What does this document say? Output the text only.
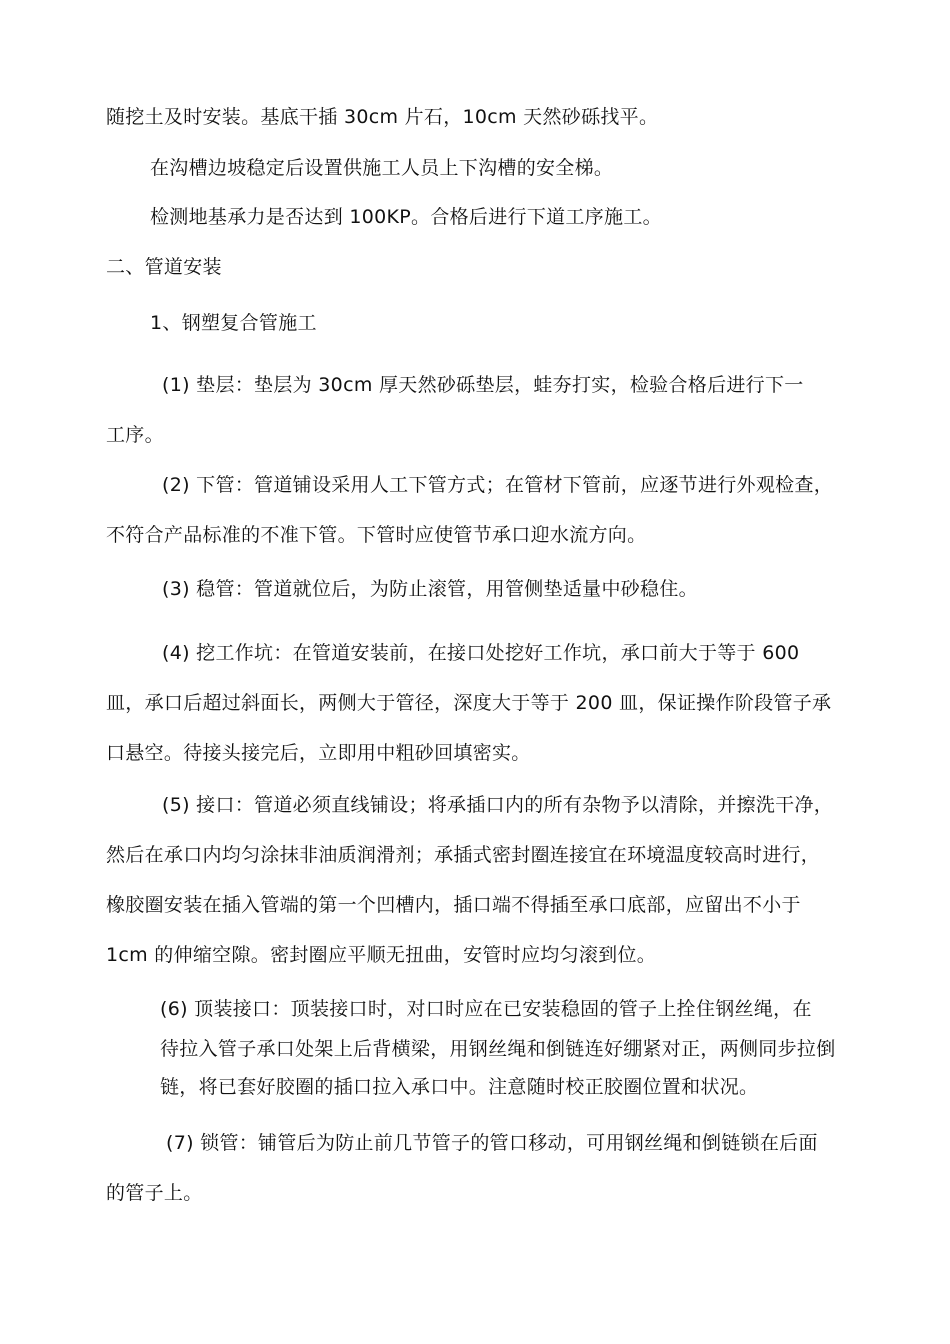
随挖土及时安装。基底干插 30cm 片石，10cm 天然砂砾找平。
在沟槽边坡稳定后设置供施工人员上下沟槽的安全梯。
检测地基承力是否达到 100KP。合格后进行下道工序施工。
二、管道安装
1、钢塑复合管施工
(1) 垫层：垫层为 30cm 厚天然砂砾垫层，蛙夯打实，检验合格后进行下一
工序。
(2) 下管：管道铺设采用人工下管方式；在管材下管前，应逐节进行外观检查，
不符合产品标准的不准下管。下管时应使管节承口迎水流方向。
(3) 稳管：管道就位后，为防止滚管，用管侧垫适量中砂稳住。
(4) 挖工作坑：在管道安装前，在接口处挖好工作坑，承口前大于等于 600
皿，承口后超过斜面长，两侧大于管径，深度大于等于 200 皿，保证操作阶段管子承
口悬空。待接头接完后，立即用中粗砂回填密实。
(5) 接口：管道必须直线铺设；将承插口内的所有杂物予以清除，并擦洗干净，
然后在承口内均匀涂抹非油质润滑剂；承插式密封圈连接宜在环境温度较高时进行，
橡胶圈安装在插入管端的第一个凹槽内，插口端不得插至承口底部，应留出不小于
1cm 的伸缩空隙。密封圈应平顺无扭曲，安管时应均匀滚到位。
(6) 顶装接口：顶装接口时，对口时应在已安装稳固的管子上拴住钢丝绳，在
待拉入管子承口处架上后背横梁，用钢丝绳和倒链连好绷紧对正，两侧同步拉倒
链，将已套好胶圈的插口拉入承口中。注意随时校正胶圈位置和状况。
(7) 锁管：铺管后为防止前几节管子的管口移动，可用钢丝绳和倒链锁在后面
的管子上。
